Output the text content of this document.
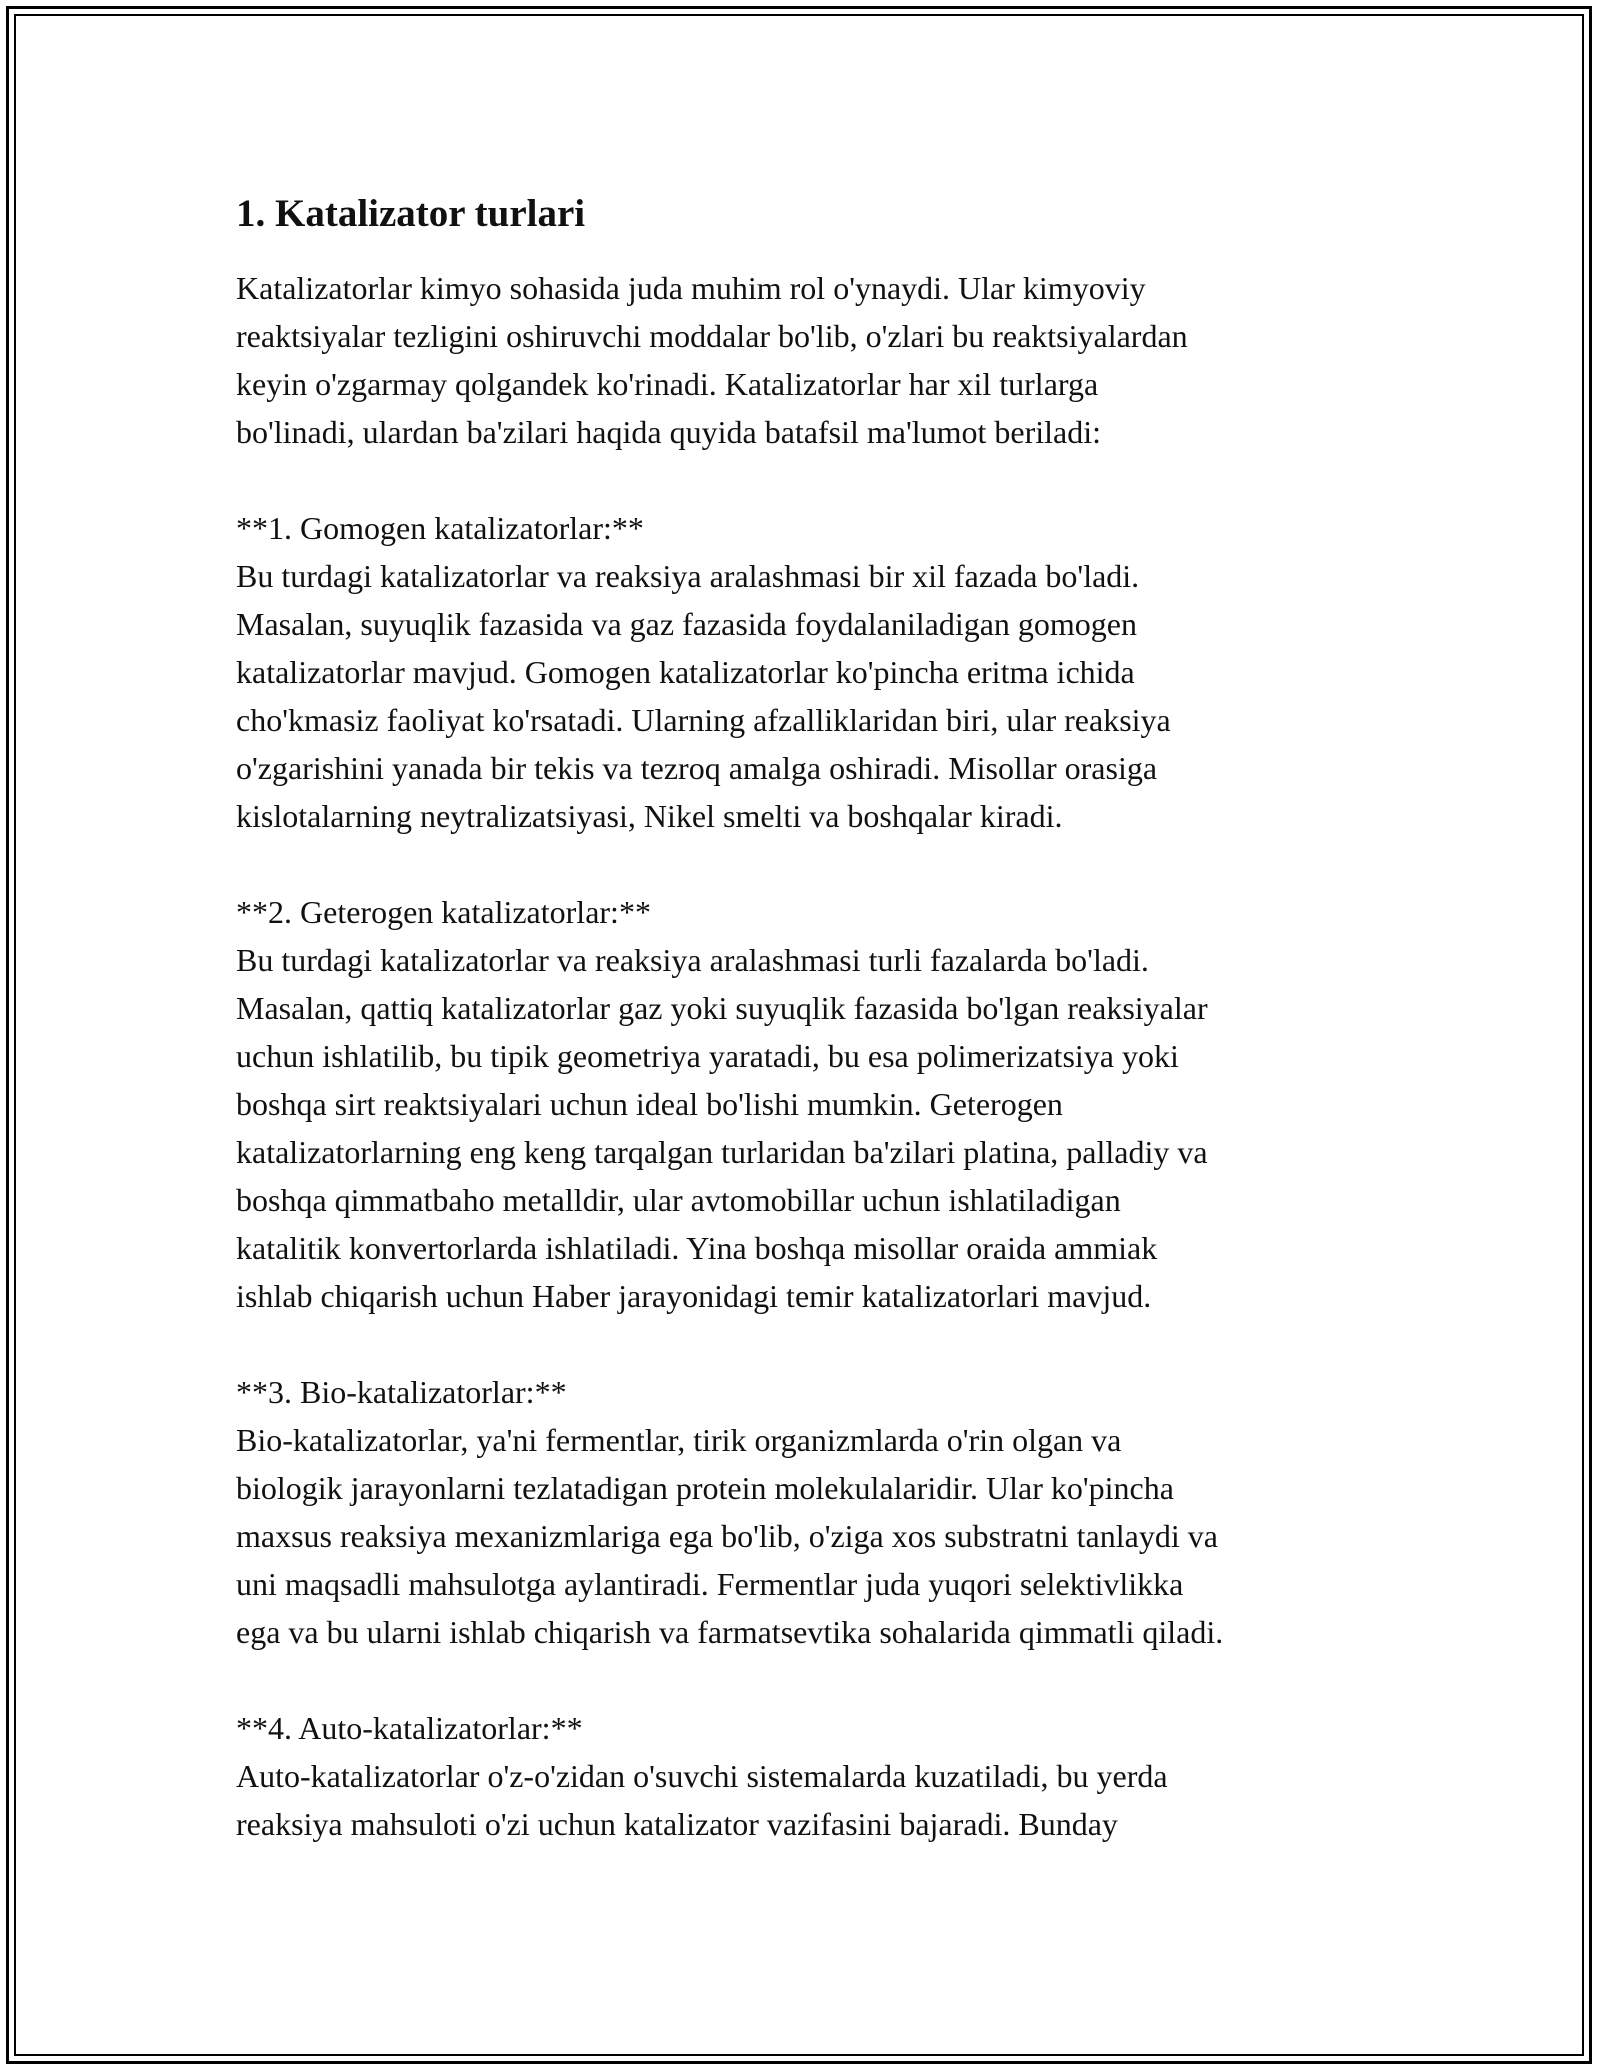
1. Katalizator turlari
Katalizatorlar kimyo sohasida juda muhim rol o'ynaydi. Ular kimyoviy
reaktsiyalar tezligini oshiruvchi moddalar bo'lib, o'zlari bu reaktsiyalardan
keyin o'zgarmay qolgandek ko'rinadi. Katalizatorlar har xil turlarga
bo'linadi, ulardan ba'zilari haqida quyida batafsil ma'lumot beriladi:
**1. Gomogen katalizatorlar:**
Bu turdagi katalizatorlar va reaksiya aralashmasi bir xil fazada bo'ladi.
Masalan, suyuqlik fazasida va gaz fazasida foydalaniladigan gomogen
katalizatorlar mavjud. Gomogen katalizatorlar ko'pincha eritma ichida
cho'kmasiz faoliyat ko'rsatadi. Ularning afzalliklaridan biri, ular reaksiya
o'zgarishini yanada bir tekis va tezroq amalga oshiradi. Misollar orasiga
kislotalarning neytralizatsiyasi, Nikel smelti va boshqalar kiradi.
**2. Geterogen katalizatorlar:**
Bu turdagi katalizatorlar va reaksiya aralashmasi turli fazalarda bo'ladi.
Masalan, qattiq katalizatorlar gaz yoki suyuqlik fazasida bo'lgan reaksiyalar
uchun ishlatilib, bu tipik geometriya yaratadi, bu esa polimerizatsiya yoki
boshqa sirt reaktsiyalari uchun ideal bo'lishi mumkin. Geterogen
katalizatorlarning eng keng tarqalgan turlaridan ba'zilari platina, palladiy va
boshqa qimmatbaho metalldir, ular avtomobillar uchun ishlatiladigan
katalitik konvertorlarda ishlatiladi. Yina boshqa misollar oraida ammiak
ishlab chiqarish uchun Haber jarayonidagi temir katalizatorlari mavjud.
**3. Bio-katalizatorlar:**
Bio-katalizatorlar, ya'ni fermentlar, tirik organizmlarda o'rin olgan va
biologik jarayonlarni tezlatadigan protein molekulalaridir. Ular ko'pincha
maxsus reaksiya mexanizmlariga ega bo'lib, o'ziga xos substratni tanlaydi va
uni maqsadli mahsulotga aylantiradi. Fermentlar juda yuqori selektivlikka
ega va bu ularni ishlab chiqarish va farmatsevtika sohalarida qimmatli qiladi.
**4. Auto-katalizatorlar:**
Auto-katalizatorlar o'z-o'zidan o'suvchi sistemalarda kuzatiladi, bu yerda
reaksiya mahsuloti o'zi uchun katalizator vazifasini bajaradi. Bunday
